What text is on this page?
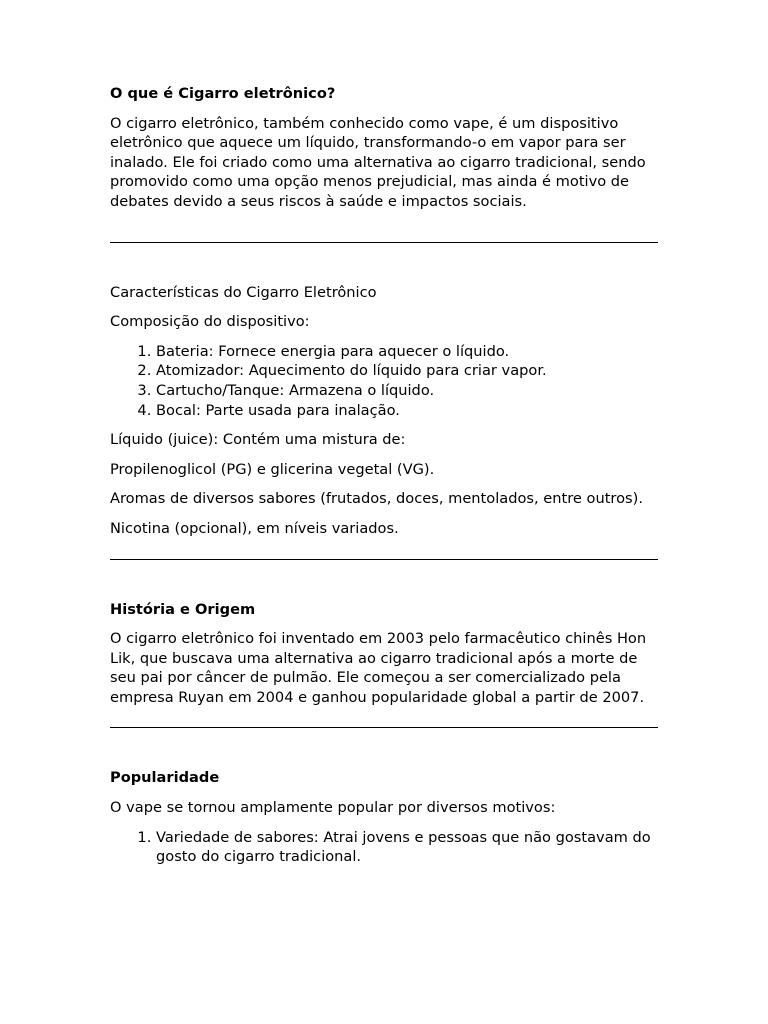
O que é Cigarro eletrônico?

O cigarro eletrônico, também conhecido como vape, é um dispositivo eletrônico que aquece um líquido, transformando-o em vapor para ser inalado. Ele foi criado como uma alternativa ao cigarro tradicional, sendo promovido como uma opção menos prejudicial, mas ainda é motivo de debates devido a seus riscos à saúde e impactos sociais.

Características do Cigarro Eletrônico

Composição do dispositivo:

1. Bateria: Fornece energia para aquecer o líquido.
2. Atomizador: Aquecimento do líquido para criar vapor.
3. Cartucho/Tanque: Armazena o líquido.
4. Bocal: Parte usada para inalação.

Líquido (juice): Contém uma mistura de:

Propilenoglicol (PG) e glicerina vegetal (VG).

Aromas de diversos sabores (frutados, doces, mentolados, entre outros).

Nicotina (opcional), em níveis variados.

História e Origem

O cigarro eletrônico foi inventado em 2003 pelo farmacêutico chinês Hon Lik, que buscava uma alternativa ao cigarro tradicional após a morte de seu pai por câncer de pulmão. Ele começou a ser comercializado pela empresa Ruyan em 2004 e ganhou popularidade global a partir de 2007.

Popularidade

O vape se tornou amplamente popular por diversos motivos:

1. Variedade de sabores: Atrai jovens e pessoas que não gostavam do gosto do cigarro tradicional.
